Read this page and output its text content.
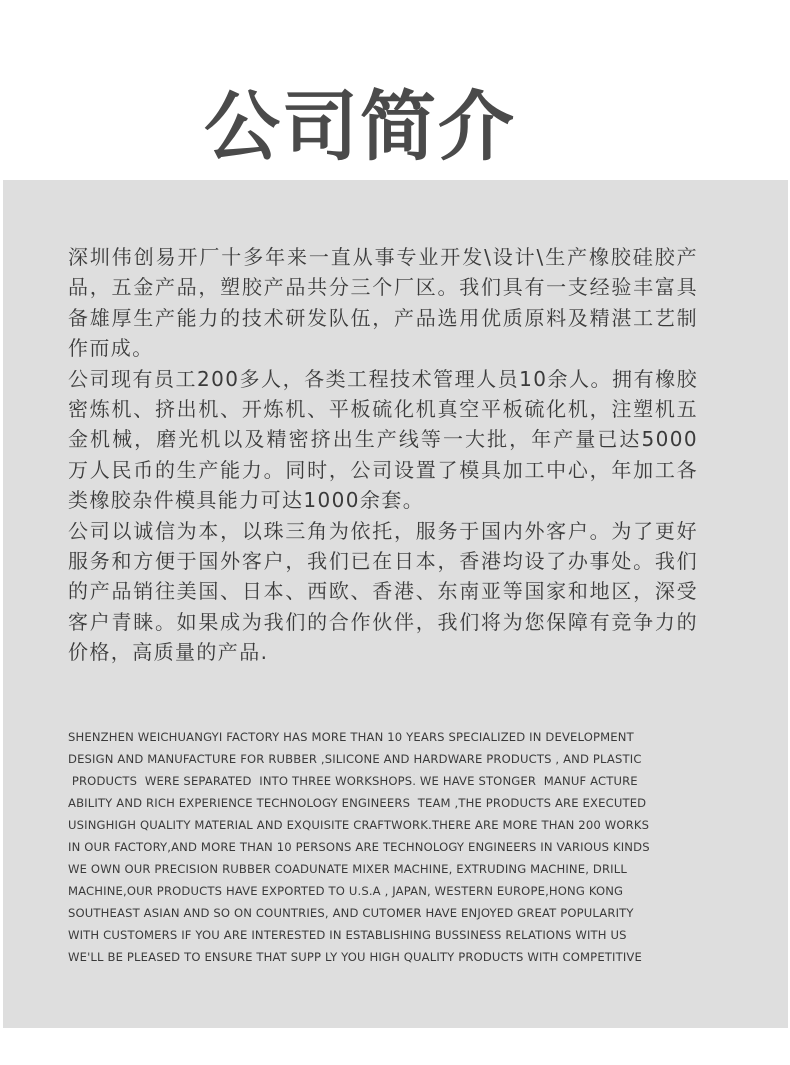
公司简介

深圳伟创易开厂十多年来一直从事专业开发\设计\生产橡胶硅胶产品，五金产品，塑胶产品共分三个厂区。我们具有一支经验丰富具备雄厚生产能力的技术研发队伍，产品选用优质原料及精湛工艺制作而成。

公司现有员工200多人，各类工程技术管理人员10余人。拥有橡胶密炼机、挤出机、开炼机、平板硫化机真空平板硫化机，注塑机五金机械，磨光机以及精密挤出生产线等一大批，年产量已达5000万人民币的生产能力。同时，公司设置了模具加工中心，年加工各类橡胶杂件模具能力可达1000余套。

公司以诚信为本，以珠三角为依托，服务于国内外客户。为了更好服务和方便于国外客户，我们已在日本，香港均设了办事处。我们的产品销往美国、日本、西欧、香港、东南亚等国家和地区，深受客户青睐。如果成为我们的合作伙伴，我们将为您保障有竞争力的价格，高质量的产品.

SHENZHEN WEICHUANGYI FACTORY HAS MORE THAN 10 YEARS SPECIALIZED IN DEVELOPMENT
DESIGN AND MANUFACTURE FOR RUBBER ,SILICONE AND HARDWARE PRODUCTS , AND PLASTIC
PRODUCTS  WERE SEPARATED  INTO THREE WORKSHOPS. WE HAVE STONGER  MANUF ACTURE
ABILITY AND RICH EXPERIENCE TECHNOLOGY ENGINEERS  TEAM ,THE PRODUCTS ARE EXECUTED
USINGHIGH QUALITY MATERIAL AND EXQUISITE CRAFTWORK.THERE ARE MORE THAN 200 WORKS
IN OUR FACTORY,AND MORE THAN 10 PERSONS ARE TECHNOLOGY ENGINEERS IN VARIOUS KINDS
WE OWN OUR PRECISION RUBBER COADUNATE MIXER MACHINE, EXTRUDING MACHINE, DRILL
MACHINE,OUR PRODUCTS HAVE EXPORTED TO U.S.A , JAPAN, WESTERN EUROPE,HONG KONG
SOUTHEAST ASIAN AND SO ON COUNTRIES, AND CUTOMER HAVE ENJOYED GREAT POPULARITY
WITH CUSTOMERS IF YOU ARE INTERESTED IN ESTABLISHING BUSSINESS RELATIONS WITH US
WE'LL BE PLEASED TO ENSURE THAT SUPP LY YOU HIGH QUALITY PRODUCTS WITH COMPETITIVE
